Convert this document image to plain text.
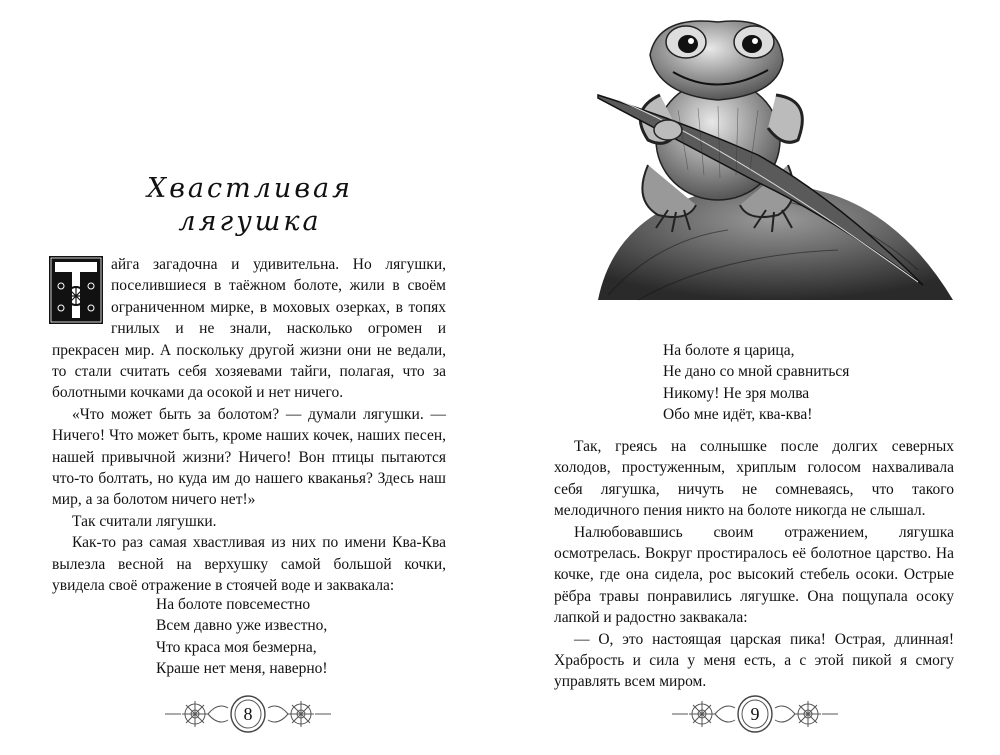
Хвастливая
лягушка

айга загадочна и удивительна. Но лягушки, поселившиеся в таёжном болоте, жили в своём ограниченном мирке, в моховых озерках, в топях гнилых и не знали, насколько огромен и прекрасен мир. А поскольку другой жизни они не ведали, то стали считать себя хозяевами тайги, полагая, что за болотными кочками да осокой и нет ничего.

«Что может быть за болотом? — думали лягушки. — Ничего! Что может быть, кроме наших кочек, наших песен, нашей привычной жизни? Ничего! Вон птицы пытаются что-то болтать, но куда им до нашего кваканья? Здесь наш мир, а за болотом ничего нет!»

Так считали лягушки.

Как-то раз самая хвастливая из них по имени Ква-Ква вылезла весной на верхушку самой большой кочки, увидела своё отражение в стоячей воде и заквакала:

На болоте повсеместно
Всем давно уже известно,
Что краса моя безмерна,
Краше нет меня, наверно!
8
На болоте я царица,
Не дано со мной сравниться
Никому! Не зря молва
Обо мне идёт, ква-ква!

Так, греясь на солнышке после долгих северных холодов, простуженным, хриплым голосом нахваливала себя лягушка, ничуть не сомневаясь, что такого мелодичного пения никто на болоте никогда не слышал.

Налюбовавшись своим отражением, лягушка осмотрелась. Вокруг простиралось её болотное царство. На кочке, где она сидела, рос высокий стебель осоки. Острые рёбра травы понравились лягушке. Она пощупала осоку лапкой и радостно заквакала:

— О, это настоящая царская пика! Острая, длинная! Храбрость и сила у меня есть, а с этой пикой я смогу управлять всем миром.

9
